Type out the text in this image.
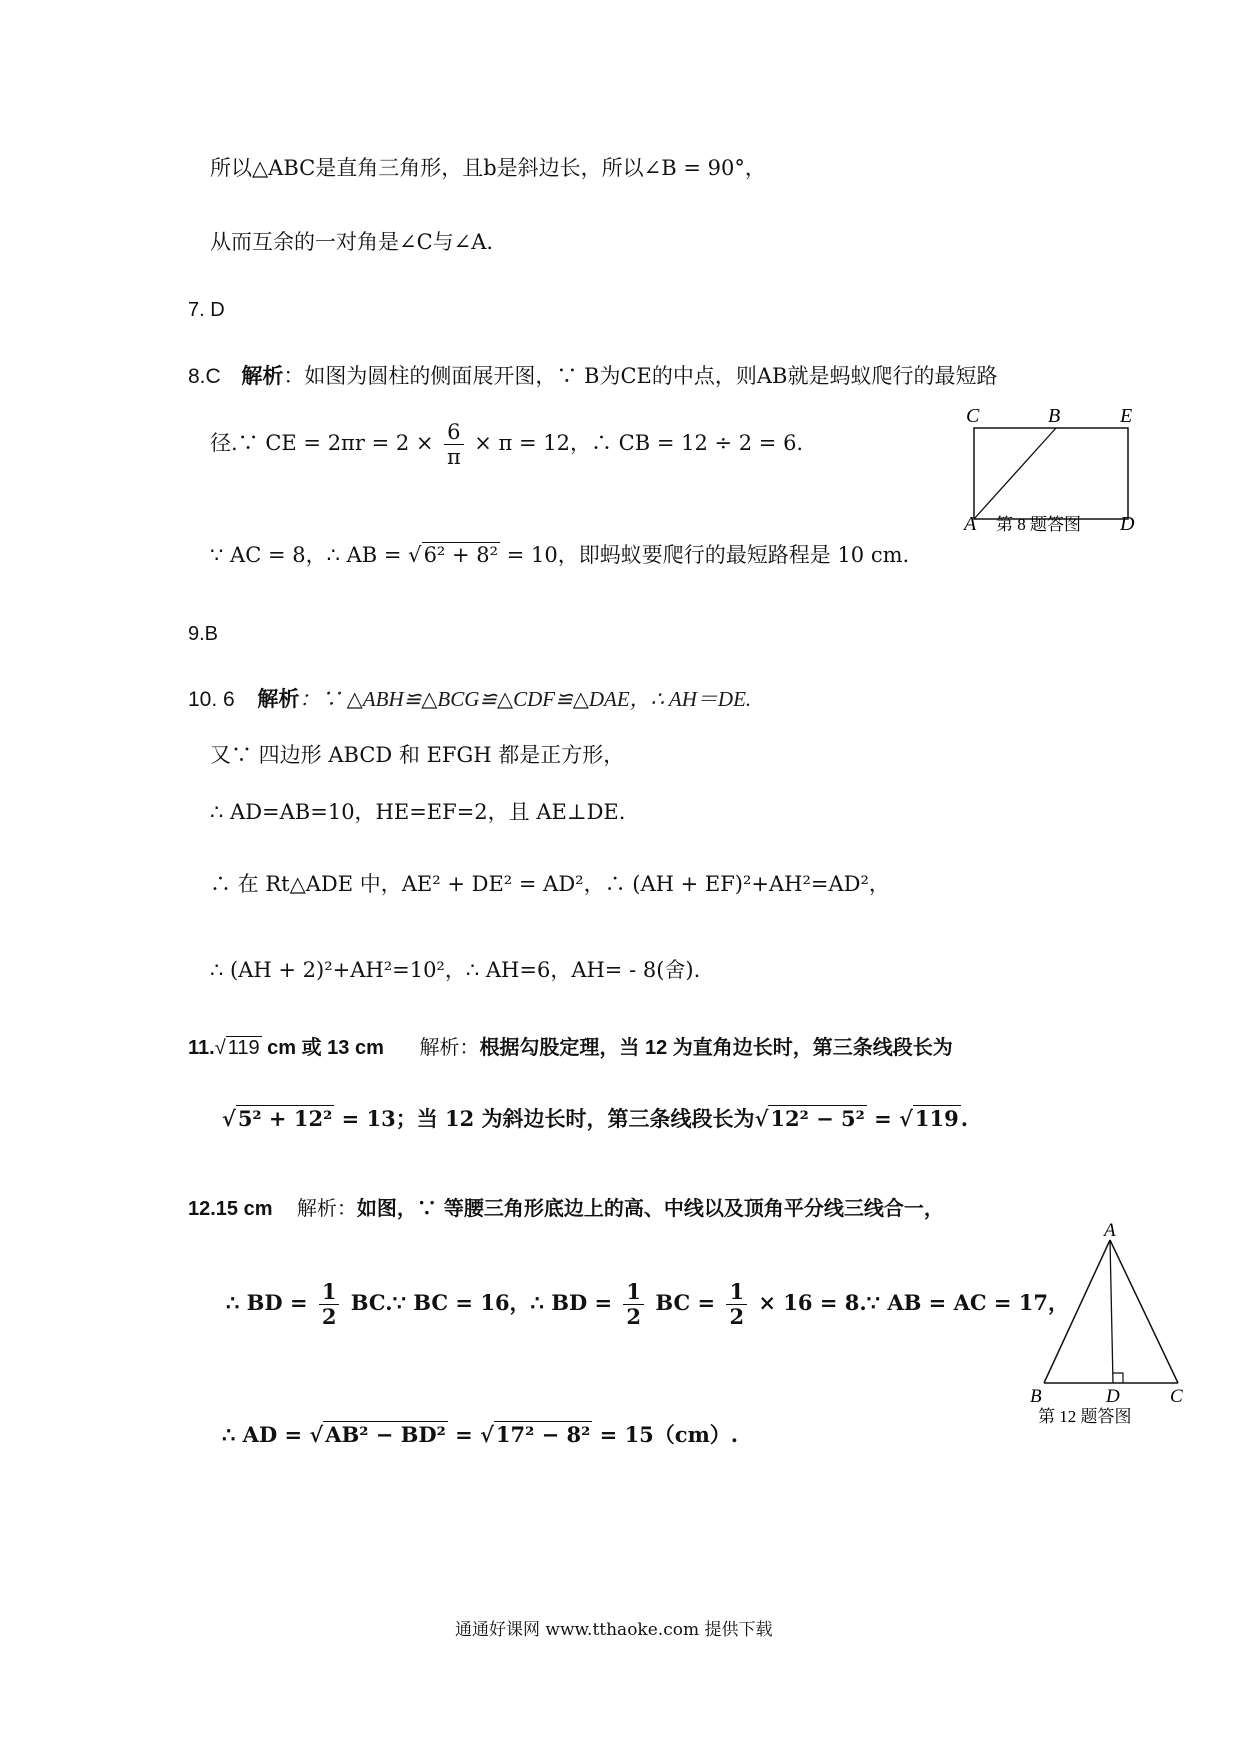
所以△ABC是直角三角形，且b是斜边长，所以∠B = 90°，
从而互余的一对角是∠C与∠A.
7. D
8.C 解析：如图为圆柱的侧面展开图，∵ B为CE的中点，则AB就是蚂蚁爬行的最短路
径.∵ CE = $2\pi r = 2 \times \frac{6}{\pi} \times \pi = 12$，∴ CB = 12 ÷ 2 = 6.
∵ AC = 8，∴ AB = √6² + 8² = 10，即蚂蚁要爬行的最短路程是 10 cm.
C	B	E
A	D
第 8 题答图
9.B
10. 6 解析：∵ △ABH≌△BCG≌△CDF≌△DAE，∴ AH＝DE.
又∵ 四边形 ABCD 和 EFGH 都是正方形，
∴ AD=AB=10，HE=EF=2，且 AE⊥DE.
∴ 在 Rt△ADE 中，AE² + DE² = AD²，∴ (AH + EF)²+AH²=AD²，
∴ (AH + 2)²+AH²=10²，∴ AH=6，AH= - 8(舍).
11.√ 119 cm 或 13 cm 解析：根据勾股定理，当 12 为直角边长时，第三条线段长为
√5² + 12² = 13；当 12 为斜边长时，第三条线段长为√12² − 5² = √119.
12.15 cm 解析：如图，∵ 等腰三角形底边上的高、中线以及顶角平分线三线合一，
∴ BD = $\frac{1}{2}$ BC.∵ BC = 16，∴ BD = $\frac{1}{2}$ BC = $\frac{1}{2} \times 16$ = 8.∵ AB = AC = 17，
∴ AD = √AB² − BD² = √17² − 8² = 15（cm）.
A
B	D	C
第 12 题答图
通通好课网 www.tthaoke.com 提供下载
